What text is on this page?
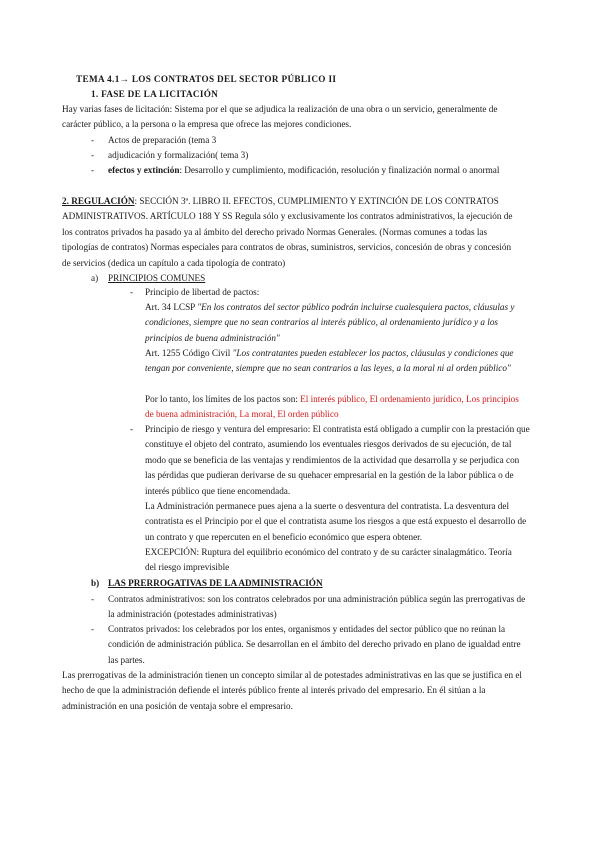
TEMA 4.1→ LOS CONTRATOS DEL SECTOR PÚBLICO II
1. FASE DE LA LICITACIÓN
Hay varias fases de licitación: Sistema por el que se adjudica la realización de una obra o un servicio, generalmente de carácter público, a la persona o la empresa que ofrece las mejores condiciones.
- Actos de preparación (tema 3
- adjudicación y formalización( tema 3)
- efectos y extinción: Desarrollo y cumplimiento, modificación, resolución y finalización normal o anormal
2. REGULACIÓN: SECCIÓN 3ª. LIBRO II. EFECTOS, CUMPLIMIENTO Y EXTINCIÓN DE LOS CONTRATOS ADMINISTRATIVOS. ARTÍCULO 188 Y SS Regula sólo y exclusivamente los contratos administrativos, la ejecución de los contratos privados ha pasado ya al ámbito del derecho privado Normas Generales. (Normas comunes a todas las tipologías de contratos) Normas especiales para contratos de obras, suministros, servicios, concesión de obras y concesión de servicios (dedica un capítulo a cada tipología de contrato)
a) PRINCIPIOS COMUNES
- Principio de libertad de pactos:
Art. 34 LCSP "En los contratos del sector público podrán incluirse cualesquiera pactos, cláusulas y condiciones, siempre que no sean contrarios al interés público, al ordenamiento jurídico y a los principios de buena administración"
Art. 1255 Código Civil "Los contratantes pueden establecer los pactos, cláusulas y condiciones que tengan por conveniente, siempre que no sean contrarios a las leyes, a la moral ni al orden público"
Por lo tanto, los límites de los pactos son: El interés público, El ordenamiento jurídico, Los principios de buena administración, La moral, El orden público
- Principio de riesgo y ventura del empresario: El contratista está obligado a cumplir con la prestación que constituye el objeto del contrato, asumiendo los eventuales riesgos derivados de su ejecución, de tal modo que se beneficia de las ventajas y rendimientos de la actividad que desarrolla y se perjudica con las pérdidas que pudieran derivarse de su quehacer empresarial en la gestión de la labor pública o de interés público que tiene encomendada.
La Administración permanece pues ajena a la suerte o desventura del contratista. La desventura del contratista es el Principio por el que el contratista asume los riesgos a que está expuesto el desarrollo de un contrato y que repercuten en el beneficio económico que espera obtener.
EXCEPCIÓN: Ruptura del equilibrio económico del contrato y de su carácter sinalagmático. Teoría del riesgo imprevisible
b) LAS PRERROGATIVAS DE LA ADMINISTRACIÓN
- Contratos administrativos: son los contratos celebrados por una administración pública según las prerrogativas de la administración (potestades administrativas)
- Contratos privados: los celebrados por los entes, organismos y entidades del sector público que no reúnan la condición de administración pública. Se desarrollan en el ámbito del derecho privado en plano de igualdad entre las partes.
Las prerrogativas de la administración tienen un concepto similar al de potestades administrativas en las que se justifica en el hecho de que la administración defiende el interés público frente al interés privado del empresario. En él sitúan a la administración en una posición de ventaja sobre el empresario.
